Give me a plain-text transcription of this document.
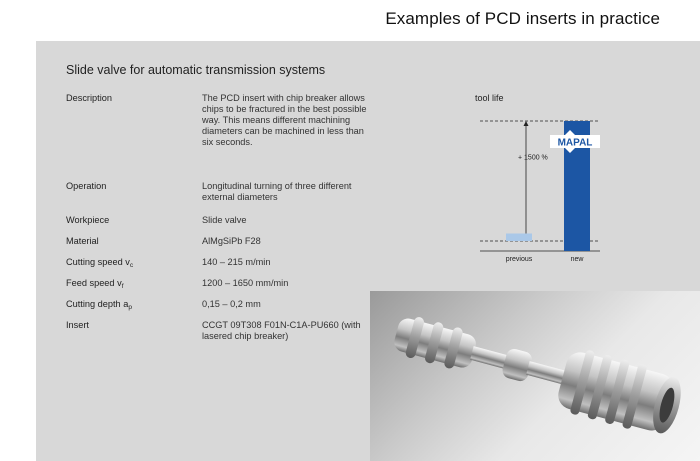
Examples of PCD inserts in practice
Slide valve for automatic transmission systems
Description	The PCD insert with chip breaker allows chips to be fractured in the best possible way. This means different machining diameters can be machined in less than six seconds.
Operation	Longitudinal turning of three different external diameters
Workpiece	Slide valve
Material	AlMgSiPb F28
Cutting speed $v_c$	140 – 215 m/min
Feed speed $v_f$	1200 – 1650 mm/min
Cutting depth $a_p$	0,15 – 0,2 mm
Insert	CCGT 09T308 F01N-C1A-PU660 (with lasered chip breaker)
tool life
+ 1500 %
MAPAL
previous	new
